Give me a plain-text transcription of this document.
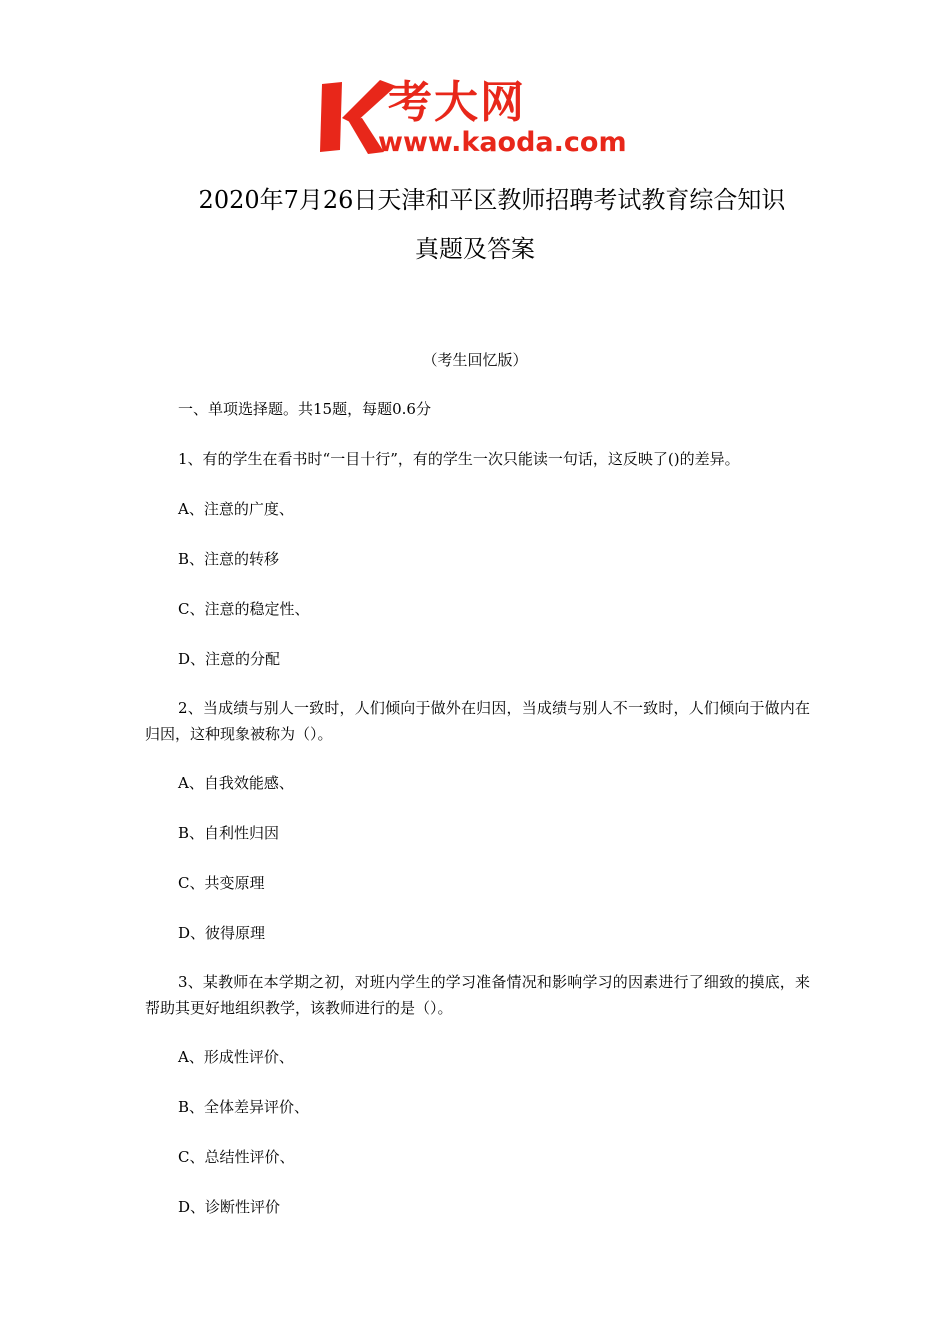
考大网
www.kaoda.com
2020年7月26日天津和平区教师招聘考试教育综合知识
真题及答案
（考生回忆版）
一、单项选择题。共15题，每题0.6分
1、有的学生在看书时“一目十行”，有的学生一次只能读一句话，这反映了()的差异。
A、注意的广度、
B、注意的转移
C、注意的稳定性、
D、注意的分配
2、当成绩与别人一致时，人们倾向于做外在归因，当成绩与别人不一致时，人们倾向于做内在归因，这种现象被称为（）。
A、自我效能感、
B、自利性归因
C、共变原理
D、彼得原理
3、某教师在本学期之初，对班内学生的学习准备情况和影响学习的因素进行了细致的摸底，来帮助其更好地组织教学，该教师进行的是（）。
A、形成性评价、
B、全体差异评价、
C、总结性评价、
D、诊断性评价
